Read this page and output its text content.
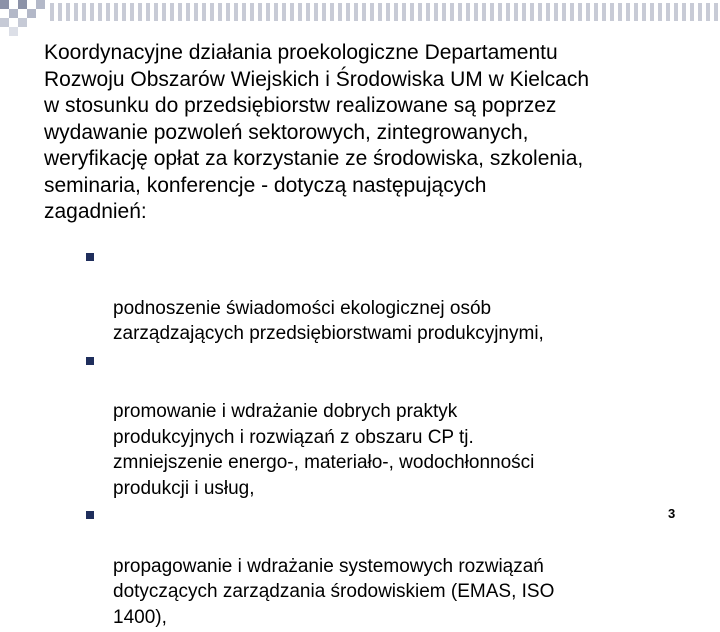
Koordynacyjne działania proekologiczne Departamentu
Rozwoju Obszarów Wiejskich i Środowiska UM w Kielcach
w stosunku do przedsiębiorstw realizowane są poprzez
wydawanie pozwoleń sektorowych, zintegrowanych,
weryfikację opłat za korzystanie ze środowiska, szkolenia,
seminaria, konferencje - dotyczą następujących
zagadnień:

podnoszenie świadomości ekologicznej osób
zarządzających przedsiębiorstwami produkcyjnymi,

promowanie i wdrażanie dobrych praktyk
produkcyjnych i rozwiązań z obszaru CP tj.
zmniejszenie energo-, materiało-, wodochłonności
produkcji i usług,

propagowanie i wdrażanie systemowych rozwiązań
dotyczących zarządzania środowiskiem (EMAS, ISO
1400),

3
